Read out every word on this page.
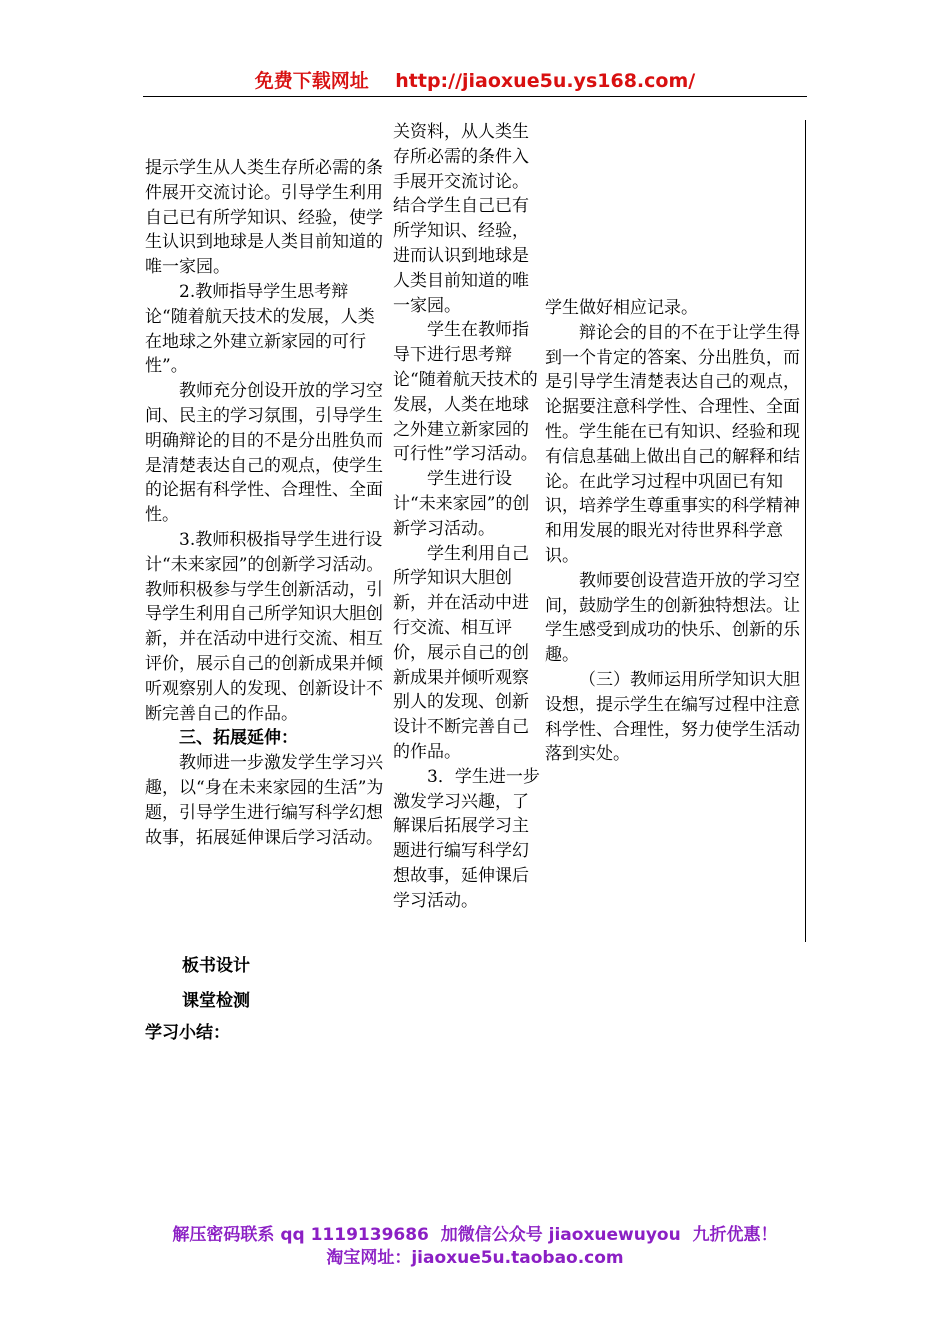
免费下载网址    http://jiaoxue5u.ys168.com/

提示学生从人类生存所必需的条件展开交流讨论。引导学生利用自己已有所学知识、经验，使学生认识到地球是人类目前知道的唯一家园。

2.教师指导学生思考辩论“随着航天技术的发展，人类在地球之外建立新家园的可行性”。

教师充分创设开放的学习空间、民主的学习氛围，引导学生明确辩论的目的不是分出胜负而是清楚表达自己的观点，使学生的论据有科学性、合理性、全面性。

3.教师积极指导学生进行设计“未来家园”的创新学习活动。教师积极参与学生创新活动，引导学生利用自己所学知识大胆创新，并在活动中进行交流、相互评价，展示自己的创新成果并倾听观察别人的发现、创新设计不断完善自己的作品。

三、拓展延伸：

教师进一步激发学生学习兴趣，以“身在未来家园的生活”为题，引导学生进行编写科学幻想故事，拓展延伸课后学习活动。

关资料，从人类生存所必需的条件入手展开交流讨论。结合学生自己已有所学知识、经验，进而认识到地球是人类目前知道的唯一家园。

学生在教师指导下进行思考辩论“随着航天技术的发展，人类在地球之外建立新家园的可行性”学习活动。

学生进行设计“未来家园”的创新学习活动。

学生利用自己所学知识大胆创新，并在活动中进行交流、相互评价，展示自己的创新成果并倾听观察别人的发现、创新设计不断完善自己的作品。

3．学生进一步激发学习兴趣，了解课后拓展学习主题进行编写科学幻想故事，延伸课后学习活动。

学生做好相应记录。

辩论会的目的不在于让学生得到一个肯定的答案、分出胜负，而是引导学生清楚表达自己的观点，论据要注意科学性、合理性、全面性。学生能在已有知识、经验和现有信息基础上做出自己的解释和结论。在此学习过程中巩固已有知识，培养学生尊重事实的科学精神和用发展的眼光对待世界科学意识。

教师要创设营造开放的学习空间，鼓励学生的创新独特想法。让学生感受到成功的快乐、创新的乐趣。

（三）教师运用所学知识大胆设想，提示学生在编写过程中注意科学性、合理性，努力使学生活动落到实处。

板书设计
课堂检测
学习小结：
解压密码联系 qq 1119139686  加微信公众号 jiaoxuewuyou  九折优惠！
淘宝网址：jiaoxue5u.taobao.com
